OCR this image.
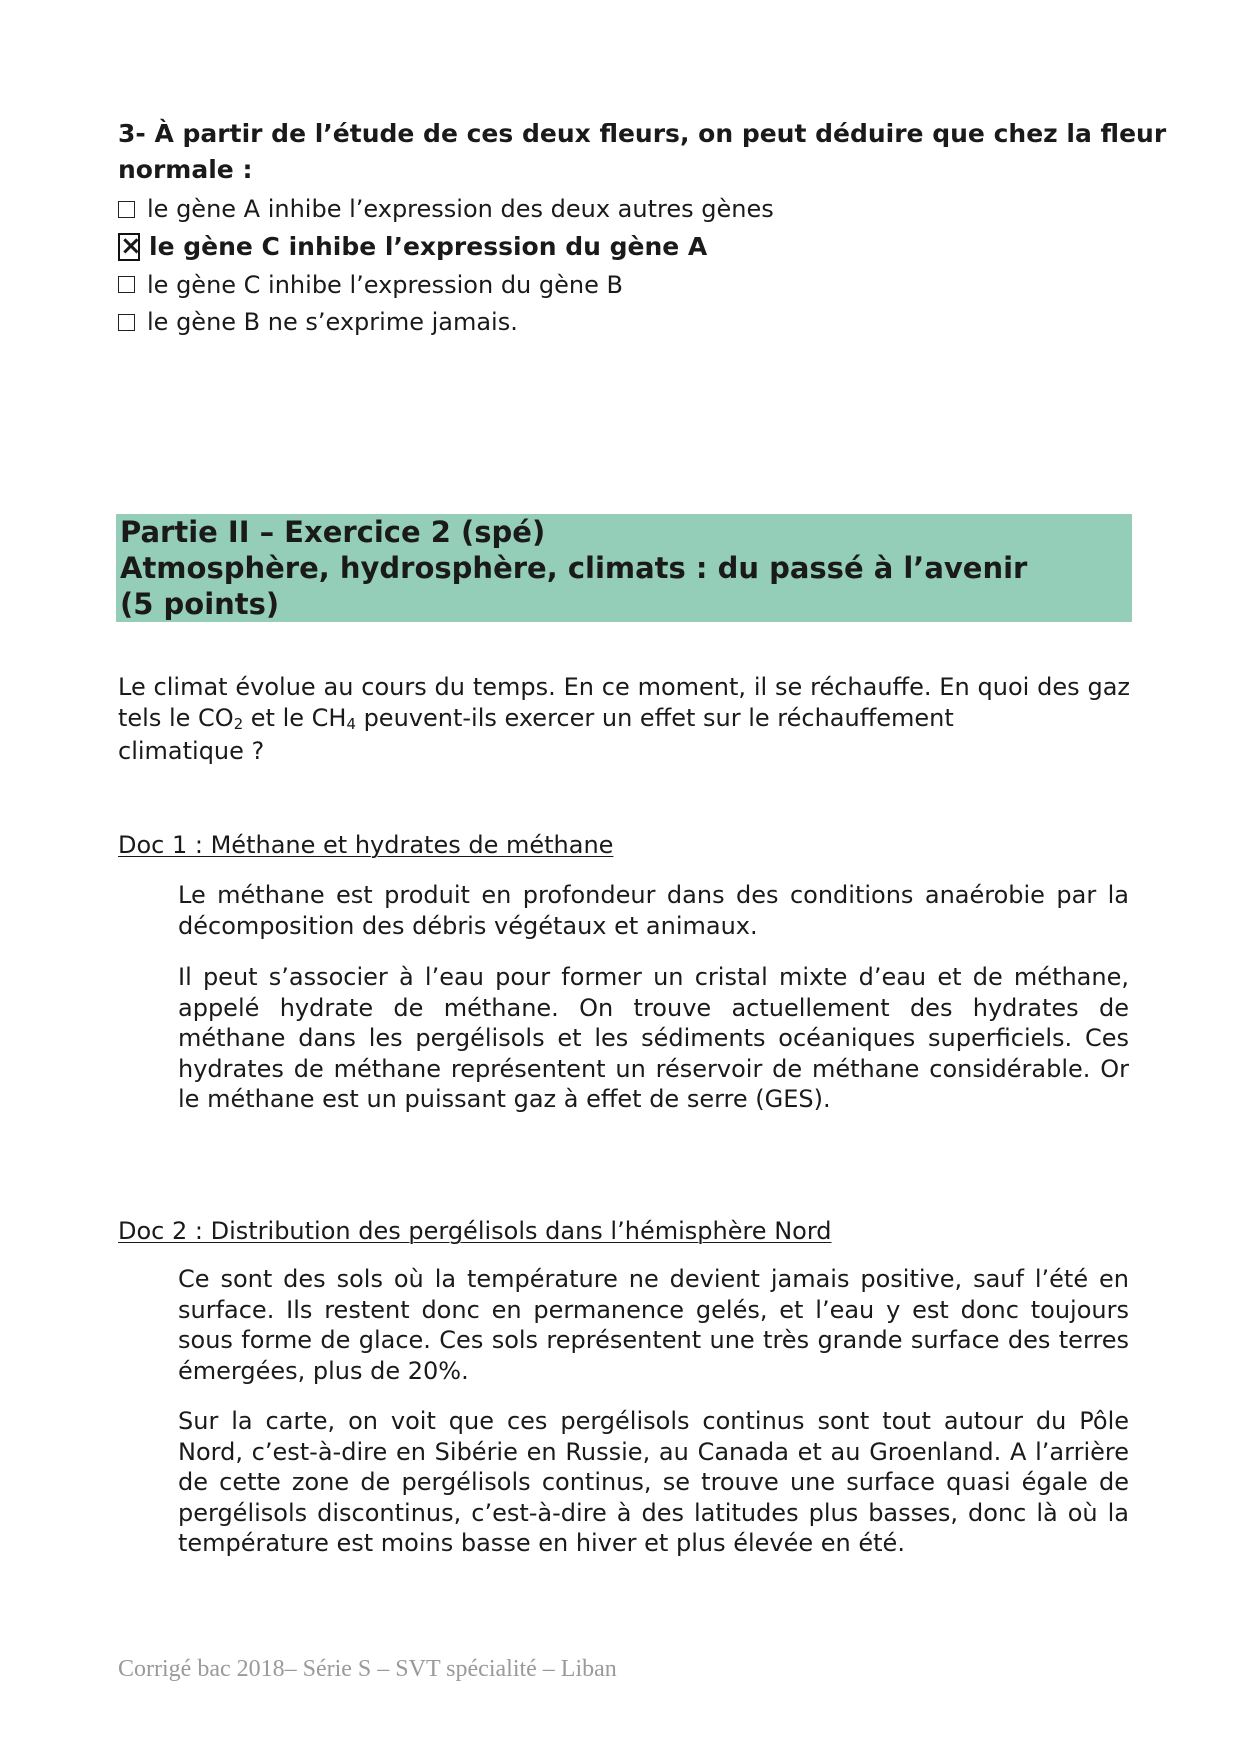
3- À partir de l’étude de ces deux fleurs, on peut déduire que chez la fleur normale :

le gène A inhibe l’expression des deux autres gènes
×
le gène C inhibe l’expression du gène A
le gène C inhibe l’expression du gène B
le gène B ne s’exprime jamais.
Partie II – Exercice 2 (spé)
Atmosphère, hydrosphère, climats : du passé à l’avenir
(5 points)

Le climat évolue au cours du temps. En ce moment, il se réchauffe. En quoi des gaz tels le $CO_2$ et le $CH_4$ peuvent-ils exercer un effet sur le réchauffement
climatique ?

Doc 1 : Méthane et hydrates de méthane

Le méthane est produit en profondeur dans des conditions anaérobie par la décomposition des débris végétaux et animaux.

Il peut s’associer à l’eau pour former un cristal mixte d’eau et de méthane, appelé hydrate de méthane. On trouve actuellement des hydrates de méthane dans les pergélisols et les sédiments océaniques superficiels. Ces hydrates de méthane représentent un réservoir de méthane considérable. Or le méthane est un puissant gaz à effet de serre (GES).

Doc 2 : Distribution des pergélisols dans l’hémisphère Nord

Ce sont des sols où la température ne devient jamais positive, sauf l’été en surface. Ils restent donc en permanence gelés, et l’eau y est donc toujours sous forme de glace. Ces sols représentent une très grande surface des terres émergées, plus de 20%.

Sur la carte, on voit que ces pergélisols continus sont tout autour du Pôle Nord, c’est-à-dire en Sibérie en Russie, au Canada et au Groenland. A l’arrière de cette zone de pergélisols continus, se trouve une surface quasi égale de pergélisols discontinus, c’est-à-dire à des latitudes plus basses, donc là où la température est moins basse en hiver et plus élevée en été.

Corrigé bac 2018– Série S – SVT spécialité – Liban
